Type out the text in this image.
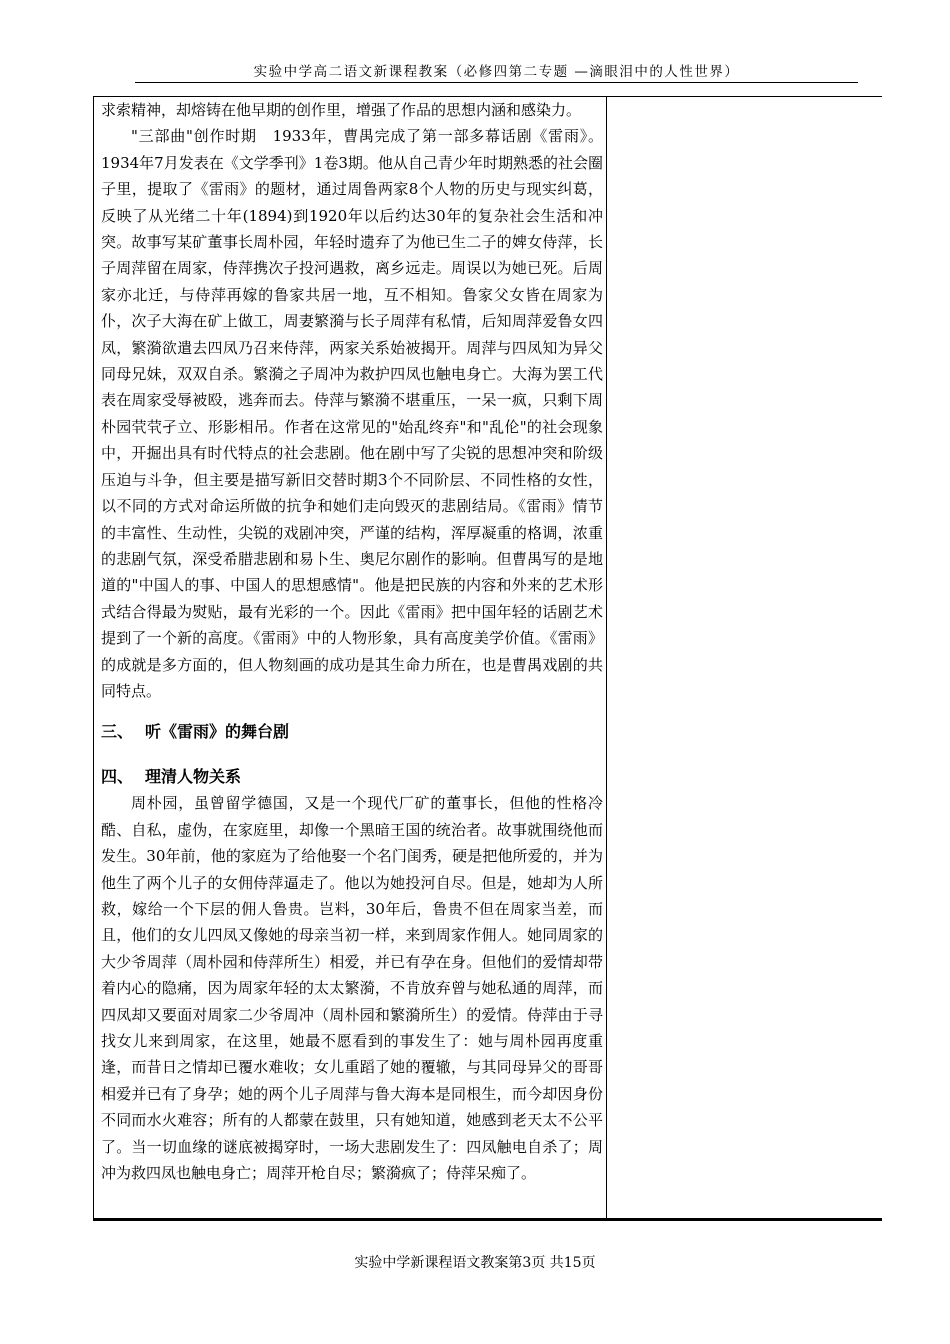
实验中学高二语文新课程教案（必修四第二专题 —滴眼泪中的人性世界）

求索精神，却熔铸在他早期的创作里，增强了作品的思想内涵和感染力。

"三部曲"创作时期　1933年，曹禺完成了第一部多幕话剧《雷雨》。1934年7月发表在《文学季刊》1卷3期。他从自己青少年时期熟悉的社会圈子里，提取了《雷雨》的题材，通过周鲁两家8个人物的历史与现实纠葛，反映了从光绪二十年(1894)到1920年以后约达30年的复杂社会生活和冲突。故事写某矿董事长周朴园，年轻时遗弃了为他已生二子的婢女侍萍，长子周萍留在周家，侍萍携次子投河遇救，离乡远走。周误以为她已死。后周家亦北迁，与侍萍再嫁的鲁家共居一地，互不相知。鲁家父女皆在周家为仆，次子大海在矿上做工，周妻繁漪与长子周萍有私情，后知周萍爱鲁女四凤，繁漪欲遣去四凤乃召来侍萍，两家关系始被揭开。周萍与四凤知为异父同母兄妹，双双自杀。繁漪之子周冲为救护四凤也触电身亡。大海为罢工代表在周家受辱被殴，逃奔而去。侍萍与繁漪不堪重压，一呆一疯，只剩下周朴园茕茕孑立、形影相吊。作者在这常见的"始乱终弃"和"乱伦"的社会现象中，开掘出具有时代特点的社会悲剧。他在剧中写了尖锐的思想冲突和阶级压迫与斗争，但主要是描写新旧交替时期3个不同阶层、不同性格的女性，以不同的方式对命运所做的抗争和她们走向毁灭的悲剧结局。《雷雨》情节的丰富性、生动性，尖锐的戏剧冲突，严谨的结构，浑厚凝重的格调，浓重的悲剧气氛，深受希腊悲剧和易卜生、奥尼尔剧作的影响。但曹禺写的是地道的"中国人的事、中国人的思想感情"。他是把民族的内容和外来的艺术形式结合得最为熨贴，最有光彩的一个。因此《雷雨》把中国年轻的话剧艺术提到了一个新的高度。《雷雨》中的人物形象，具有高度美学价值。《雷雨》的成就是多方面的，但人物刻画的成功是其生命力所在，也是曹禺戏剧的共同特点。

三、 听《雷雨》的舞台剧
四、 理清人物关系

周朴园，虽曾留学德国，又是一个现代厂矿的董事长，但他的性格冷酷、自私，虚伪，在家庭里，却像一个黑暗王国的统治者。故事就围绕他而发生。30年前，他的家庭为了给他娶一个名门闺秀，硬是把他所爱的，并为他生了两个儿子的女佣侍萍逼走了。他以为她投河自尽。但是，她却为人所救，嫁给一个下层的佣人鲁贵。岂料，30年后，鲁贵不但在周家当差，而且，他们的女儿四凤又像她的母亲当初一样，来到周家作佣人。她同周家的大少爷周萍（周朴园和侍萍所生）相爱，并已有孕在身。但他们的爱情却带着内心的隐痛，因为周家年轻的太太繁漪，不肯放弃曾与她私通的周萍，而四凤却又要面对周家二少爷周冲（周朴园和繁漪所生）的爱情。侍萍由于寻找女儿来到周家，在这里，她最不愿看到的事发生了：她与周朴园再度重逢，而昔日之情却已覆水难收；女儿重蹈了她的覆辙，与其同母异父的哥哥相爱并已有了身孕；她的两个儿子周萍与鲁大海本是同根生，而今却因身份不同而水火难容；所有的人都蒙在鼓里，只有她知道，她感到老天太不公平了。当一切血缘的谜底被揭穿时，一场大悲剧发生了：四凤触电自杀了；周冲为救四凤也触电身亡；周萍开枪自尽；繁漪疯了；侍萍呆痴了。

实验中学新课程语文教案第3页 共15页
